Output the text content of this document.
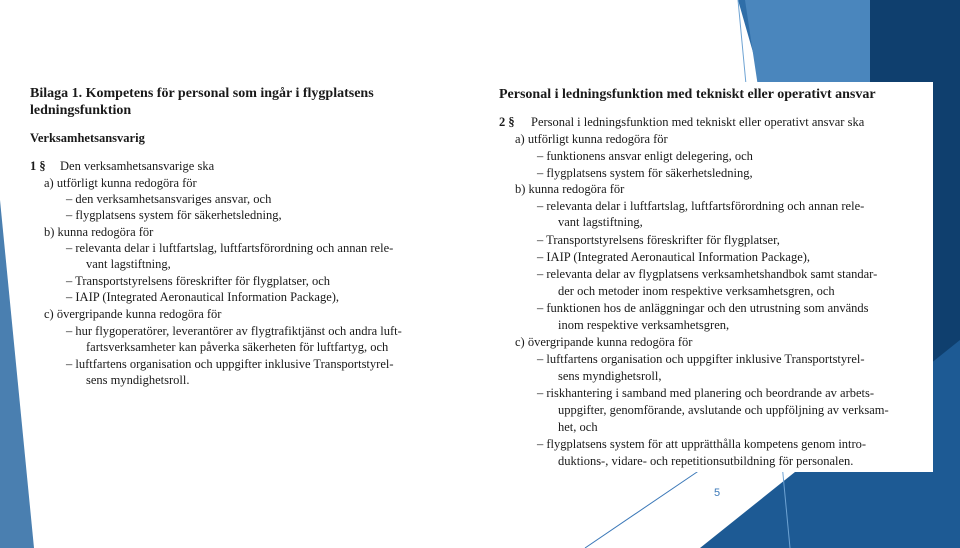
Bilaga 1. Kompetens för personal som ingår i flygplatsens
ledningsfunktion
Verksamhetsansvarig
1 § Den verksamhetsansvarige ska
a) utförligt kunna redogöra för
– den verksamhetsansvariges ansvar, och
– flygplatsens system för säkerhetsledning,
b) kunna redogöra för
– relevanta delar i luftfartslag, luftfartsförordning och annan rele-
vant lagstiftning,
– Transportstyrelsens föreskrifter för flygplatser, och
– IAIP (Integrated Aeronautical Information Package),
c) övergripande kunna redogöra för
– hur flygoperatörer, leverantörer av flygtrafiktjänst och andra luft-
fartsverksamheter kan påverka säkerheten för luftfartyg, och
– luftfartens organisation och uppgifter inklusive Transportstyrel-
sens myndighetsroll.
Personal i ledningsfunktion med tekniskt eller operativt ansvar
2 § Personal i ledningsfunktion med tekniskt eller operativt ansvar ska
a) utförligt kunna redogöra för
– funktionens ansvar enligt delegering, och
– flygplatsens system för säkerhetsledning,
b) kunna redogöra för
– relevanta delar i luftfartslag, luftfartsförordning och annan rele-
vant lagstiftning,
– Transportstyrelsens föreskrifter för flygplatser,
– IAIP (Integrated Aeronautical Information Package),
– relevanta delar av flygplatsens verksamhetshandbok samt standar-
der och metoder inom respektive verksamhetsgren, och
– funktionen hos de anläggningar och den utrustning som används
inom respektive verksamhetsgren,
c) övergripande kunna redogöra för
– luftfartens organisation och uppgifter inklusive Transportstyrel-
sens myndighetsroll,
– riskhantering i samband med planering och beordrande av arbets-
uppgifter, genomförande, avslutande och uppföljning av verksam-
het, och
– flygplatsens system för att upprätthålla kompetens genom intro-
duktions-, vidare- och repetitionsutbildning för personalen.
5
